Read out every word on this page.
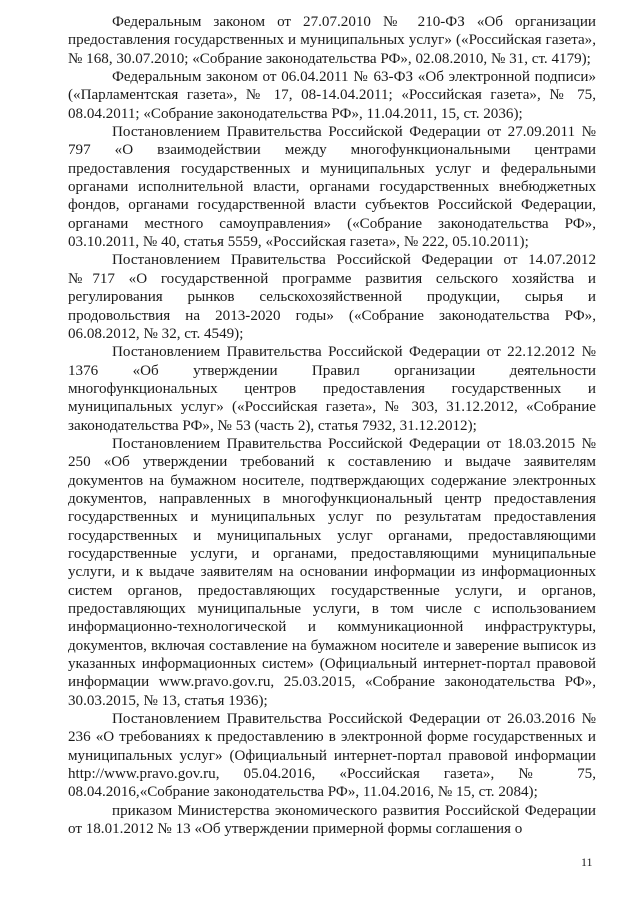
Федеральным законом от 27.07.2010 № 210-ФЗ «Об организации предоставления государственных и муниципальных услуг» («Российская газета», № 168, 30.07.2010; «Собрание законодательства РФ», 02.08.2010, № 31, ст. 4179);

Федеральным законом от 06.04.2011 № 63-ФЗ «Об электронной подписи» («Парламентская газета», № 17, 08-14.04.2011; «Российская газета», № 75, 08.04.2011; «Собрание законодательства РФ», 11.04.2011, 15, ст. 2036);

Постановлением Правительства Российской Федерации от 27.09.2011 № 797 «О взаимодействии между многофункциональными центрами предоставления государственных и муниципальных услуг и федеральными органами исполнительной власти, органами государственных внебюджетных фондов, органами государственной власти субъектов Российской Федерации, органами местного самоуправления» («Собрание законодательства РФ», 03.10.2011, № 40, статья 5559, «Российская газета», № 222, 05.10.2011);

Постановлением Правительства Российской Федерации от 14.07.2012 №717 «О государственной программе развития сельского хозяйства и регулирования рынков сельскохозяйственной продукции, сырья и продовольствия на 2013-2020 годы» («Собрание законодательства РФ», 06.08.2012, № 32, ст. 4549);

Постановлением Правительства Российской Федерации от 22.12.2012 № 1376 «Об утверждении Правил организации деятельности многофункциональных центров предоставления государственных и муниципальных услуг» («Российская газета», № 303, 31.12.2012, «Собрание законодательства РФ», № 53 (часть 2), статья 7932, 31.12.2012);

Постановлением Правительства Российской Федерации от 18.03.2015 № 250 «Об утверждении требований к составлению и выдаче заявителям документов на бумажном носителе, подтверждающих содержание электронных документов, направленных в многофункциональный центр предоставления государственных и муниципальных услуг по результатам предоставления государственных и муниципальных услуг органами, предоставляющими государственные услуги, и органами, предоставляющими муниципальные услуги, и к выдаче заявителям на основании информации из информационных систем органов, предоставляющих государственные услуги, и органов, предоставляющих муниципальные услуги, в том числе с использованием информационно-технологической и коммуникационной инфраструктуры, документов, включая составление на бумажном носителе и заверение выписок из указанных информационных систем» (Официальный интернет-портал правовой информации www.pravo.gov.ru, 25.03.2015, «Собрание законодательства РФ», 30.03.2015, № 13, статья 1936);

Постановлением Правительства Российской Федерации от 26.03.2016 № 236 «О требованиях к предоставлению в электронной форме государственных и муниципальных услуг» (Официальный интернет-портал правовой информации http://www.pravo.gov.ru, 05.04.2016, «Российская газета», № 75, 08.04.2016,«Собрание законодательства РФ», 11.04.2016, № 15, ст. 2084);

приказом Министерства экономического развития Российской Федерации от 18.01.2012 № 13 «Об утверждении примерной формы соглашения о

11
